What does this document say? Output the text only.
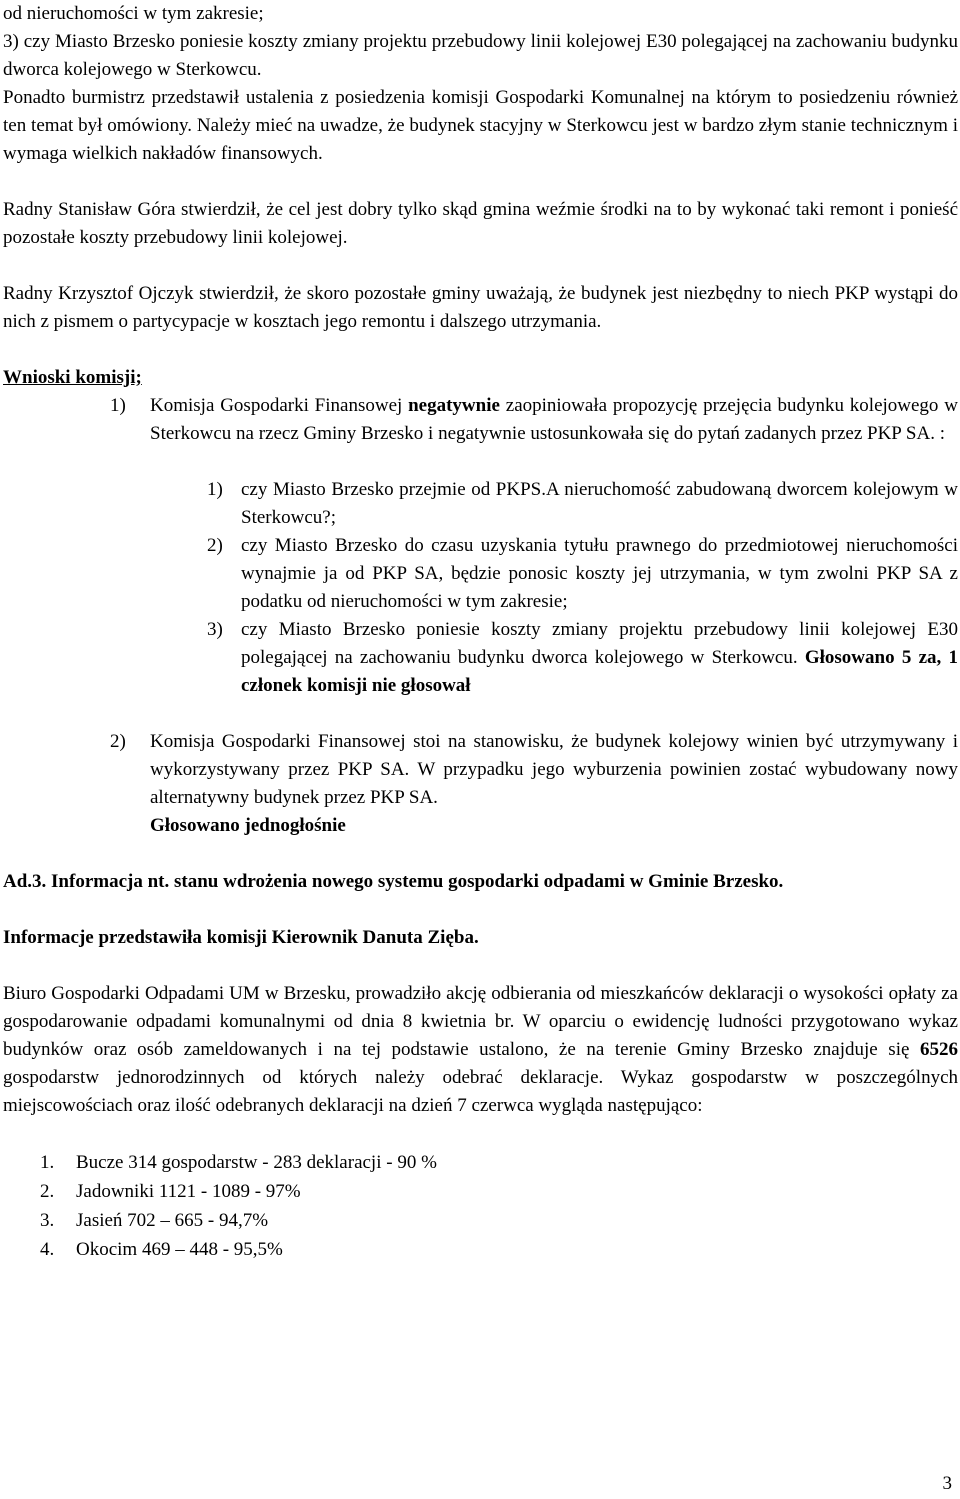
od nieruchomości w tym zakresie;

3) czy Miasto Brzesko poniesie koszty zmiany projektu przebudowy linii kolejowej E30 polegającej na zachowaniu budynku dworca kolejowego w Sterkowcu.

Ponadto burmistrz przedstawił ustalenia z posiedzenia komisji Gospodarki Komunalnej na którym to posiedzeniu również ten temat był omówiony. Należy mieć na uwadze, że budynek stacyjny w Sterkowcu jest w bardzo złym stanie technicznym i wymaga wielkich nakładów finansowych.

Radny Stanisław Góra stwierdził, że cel jest dobry tylko skąd gmina weźmie środki na to by wykonać taki remont i ponieść pozostałe koszty przebudowy linii kolejowej.

Radny Krzysztof Ojczyk stwierdził, że skoro pozostałe gminy uważają, że budynek jest niezbędny to niech PKP wystąpi do nich z pismem o partycypacje w kosztach jego remontu i dalszego utrzymania.

Wnioski komisji;

1) Komisja Gospodarki Finansowej negatywnie zaopiniowała propozycję przejęcia budynku kolejowego w Sterkowcu na rzecz Gminy Brzesko i negatywnie ustosunkowała się do pytań zadanych przez PKP SA. :

1) czy Miasto Brzesko przejmie od PKPS.A nieruchomość zabudowaną dworcem kolejowym w Sterkowcu?;

2) czy Miasto Brzesko do czasu uzyskania tytułu prawnego do przedmiotowej nieruchomości wynajmie ja od PKP SA, będzie ponosic koszty jej utrzymania, w tym zwolni PKP SA z podatku od nieruchomości w tym zakresie;

3) czy Miasto Brzesko poniesie koszty zmiany projektu przebudowy linii kolejowej E30 polegającej na zachowaniu budynku dworca kolejowego w Sterkowcu. Głosowano 5 za, 1 członek komisji nie głosował

2) Komisja Gospodarki Finansowej stoi na stanowisku, że budynek kolejowy winien być utrzymywany i wykorzystywany przez PKP SA. W przypadku jego wyburzenia powinien zostać wybudowany nowy alternatywny budynek przez PKP SA.

Głosowano jednogłośnie

Ad.3. Informacja nt. stanu wdrożenia nowego systemu gospodarki odpadami w Gminie Brzesko.

Informacje przedstawiła komisji Kierownik Danuta Zięba.

Biuro Gospodarki Odpadami UM w Brzesku, prowadziło akcję odbierania od mieszkańców deklaracji o wysokości opłaty za gospodarowanie odpadami komunalnymi od dnia 8 kwietnia br. W oparciu o ewidencję ludności przygotowano wykaz budynków oraz osób zameldowanych i na tej podstawie ustalono, że na terenie Gminy Brzesko znajduje się 6526 gospodarstw jednorodzinnych od których należy odebrać deklaracje. Wykaz gospodarstw w poszczególnych miejscowościach oraz ilość odebranych deklaracji na dzień 7 czerwca wygląda następująco:

1. Bucze 314 gospodarstw - 283 deklaracji - 90 %
2. Jadowniki 1121 - 1089 - 97%
3. Jasień 702 – 665 - 94,7%
4. Okocim 469 – 448 - 95,5%
3
